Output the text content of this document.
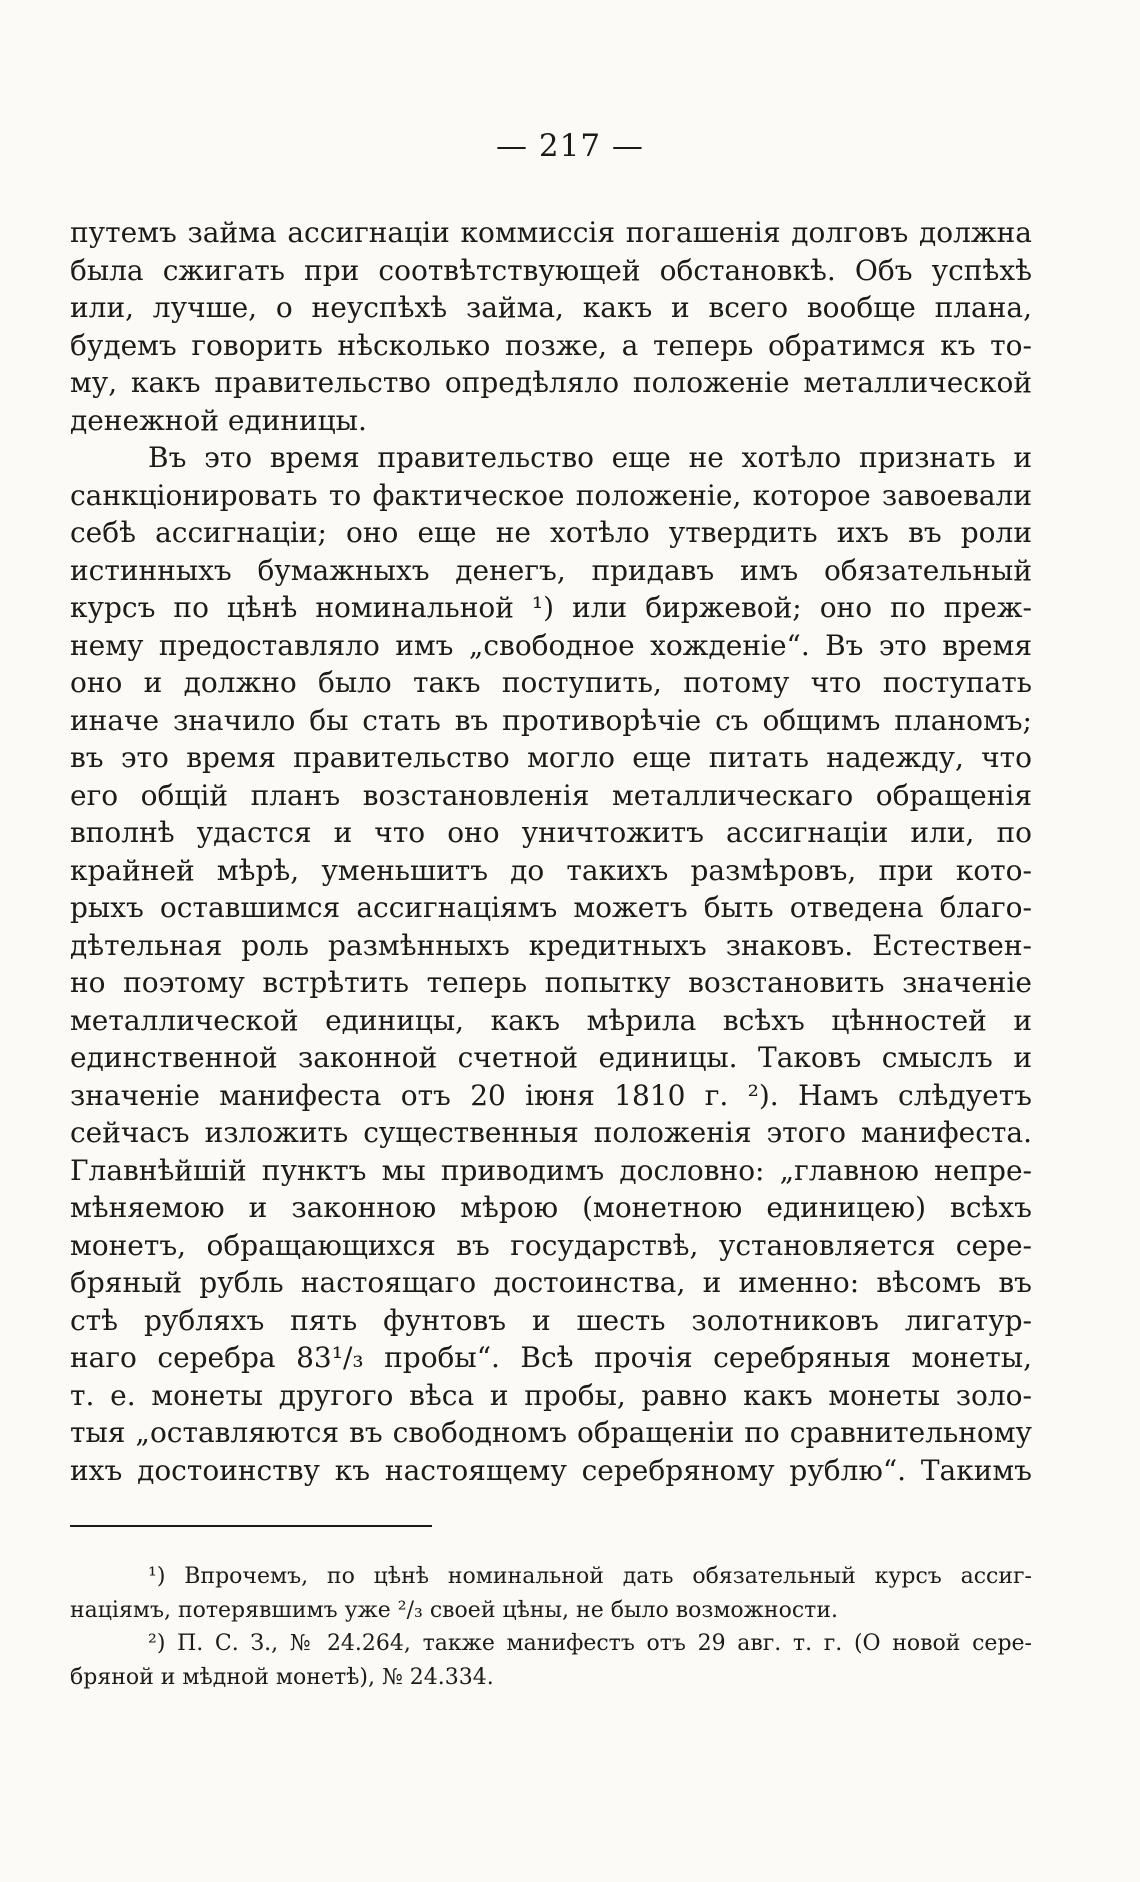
— 217 —
путемъ займа ассигнаціи коммиссія погашенія долговъ должна
была сжигать при соотвѣтствующей обстановкѣ. Объ успѣхѣ
или, лучше, о неуспѣхѣ займа, какъ и всего вообще плана,
будемъ говорить нѣсколько позже, а теперь обратимся къ то-
му, какъ правительство опредѣляло положеніе металлической
денежной единицы.
Въ это время правительство еще не хотѣло признать и
санкціонировать то фактическое положеніе, которое завоевали
себѣ ассигнаціи; оно еще не хотѣло утвердить ихъ въ роли
истинныхъ бумажныхъ денегъ, придавъ имъ обязательный
курсъ по цѣнѣ номинальной ¹) или биржевой; оно по преж-
нему предоставляло имъ „свободное хожденіе“. Въ это время
оно и должно было такъ поступить, потому что поступать
иначе значило бы стать въ противорѣчіе съ общимъ планомъ;
въ это время правительство могло еще питать надежду, что
его общій планъ возстановленія металлическаго обращенія
вполнѣ удастся и что оно уничтожитъ ассигнаціи или, по
крайней мѣрѣ, уменьшитъ до такихъ размѣровъ, при кото-
рыхъ оставшимся ассигнаціямъ можетъ быть отведена благо-
дѣтельная роль размѣнныхъ кредитныхъ знаковъ. Естествен-
но поэтому встрѣтить теперь попытку возстановить значеніе
металлической единицы, какъ мѣрила всѣхъ цѣнностей и
единственной законной счетной единицы. Таковъ смыслъ и
значеніе манифеста отъ 20 іюня 1810 г. ²). Намъ слѣдуетъ
сейчасъ изложить существенныя положенія этого манифеста.
Главнѣйшій пунктъ мы приводимъ дословно: „главною непре-
мѣняемою и законною мѣрою (монетною единицею) всѣхъ
монетъ, обращающихся въ государствѣ, установляется сере-
бряный рубль настоящаго достоинства, и именно: вѣсомъ въ
стѣ рубляхъ пять фунтовъ и шесть золотниковъ лигатур-
наго серебра 83¹/₃ пробы“. Всѣ прочія серебряныя монеты,
т. е. монеты другого вѣса и пробы, равно какъ монеты золо-
тыя „оставляются въ свободномъ обращеніи по сравнительному
ихъ достоинству къ настоящему серебряному рублю“. Такимъ
¹) Впрочемъ, по цѣнѣ номинальной дать обязательный курсъ ассиг-
націямъ, потерявшимъ уже ²/₃ своей цѣны, не было возможности.
²) П. С. З., № 24.264, также манифестъ отъ 29 авг. т. г. (О новой сере-
бряной и мѣдной монетѣ), № 24.334.
